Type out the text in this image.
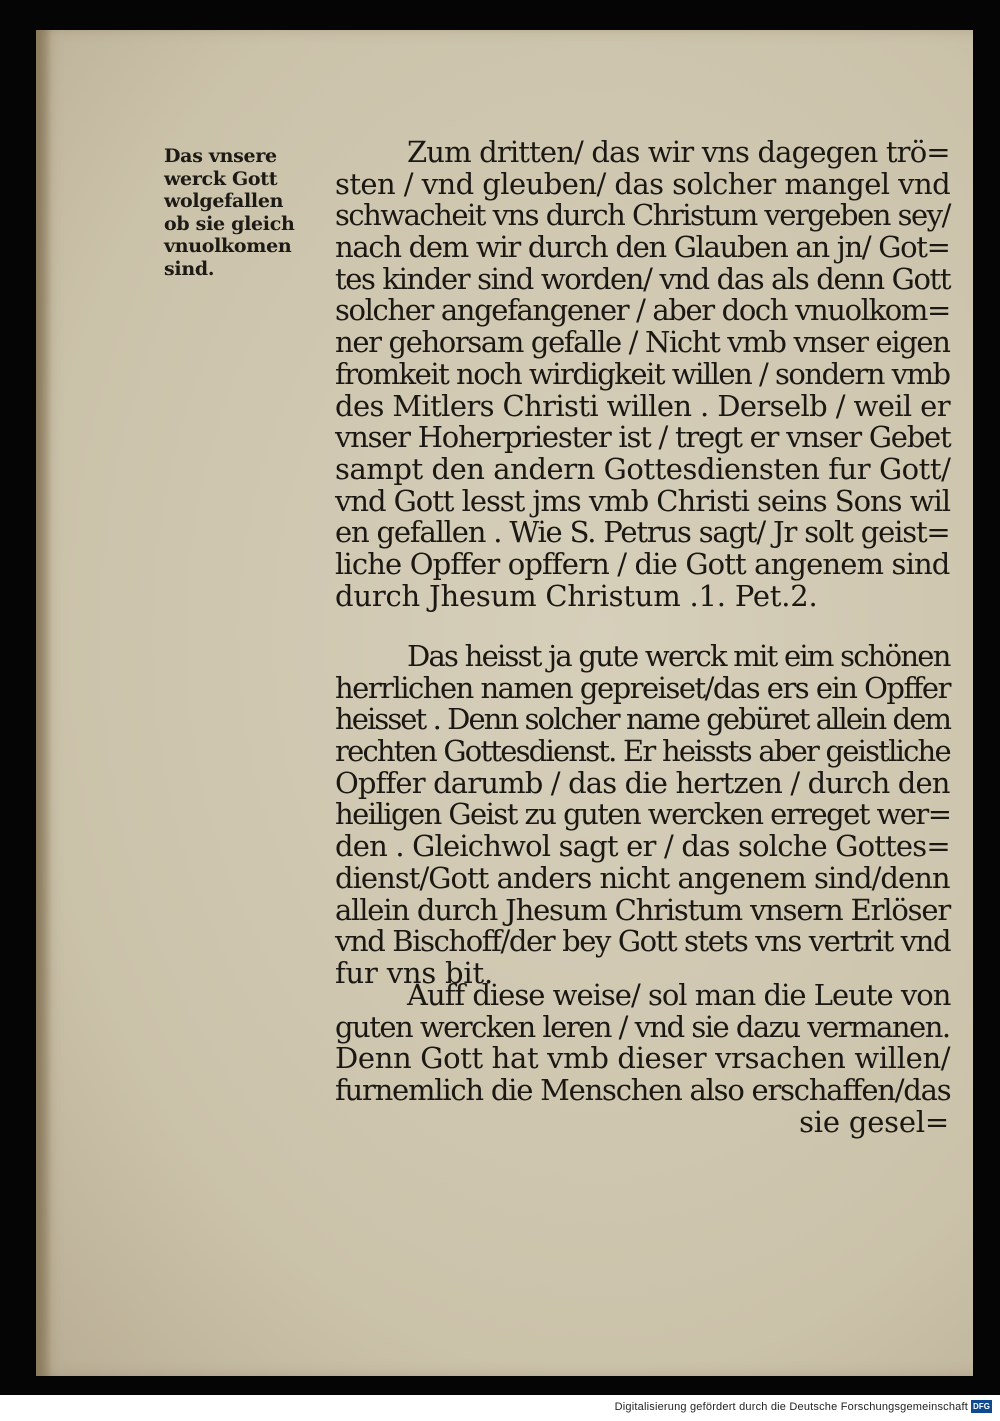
Das vnsere
werck Gott
wolgefallen
ob sie gleich
vnuolkomen
sind.
Zum dritten/ das wir vns dagegen trö=
sten / vnd gleuben/ das solcher mangel vnd
schwacheit vns durch Christum vergeben sey/
nach dem wir durch den Glauben an jn/ Got=
tes kinder sind worden/ vnd das als denn Gott
solcher angefangener / aber doch vnuolkom=
ner gehorsam gefalle / Nicht vmb vnser eigen
fromkeit noch wirdigkeit willen / sondern vmb
des Mitlers Christi willen . Derselb / weil er
vnser Hoherpriester ist / tregt er vnser Gebet
sampt den andern Gottesdiensten fur Gott/
vnd Gott lesst jms vmb Christi seins Sons wil
en gefallen . Wie S. Petrus sagt/ Jr solt geist=
liche Opffer opffern / die Gott angenem sind
durch Jhesum Christum .1. Pet.2.
Das heisst ja gute werck mit eim schönen
herrlichen namen gepreiset/das ers ein Opffer
heisset . Denn solcher name gebüret allein dem
rechten Gottesdienst. Er heissts aber geistliche
Opffer darumb / das die hertzen / durch den
heiligen Geist zu guten wercken erreget wer=
den . Gleichwol sagt er / das solche Gottes=
dienst/Gott anders nicht angenem sind/denn
allein durch Jhesum Christum vnsern Erlöser
vnd Bischoff/der bey Gott stets vns vertrit vnd
fur vns bit.
Auff diese weise/ sol man die Leute von
guten wercken leren / vnd sie dazu vermanen.
Denn Gott hat vmb dieser vrsachen willen/
furnemlich die Menschen also erschaffen/das
sie gesel=
Digitalisierung gefördert durch die Deutsche Forschungsgemeinschaft DFG
